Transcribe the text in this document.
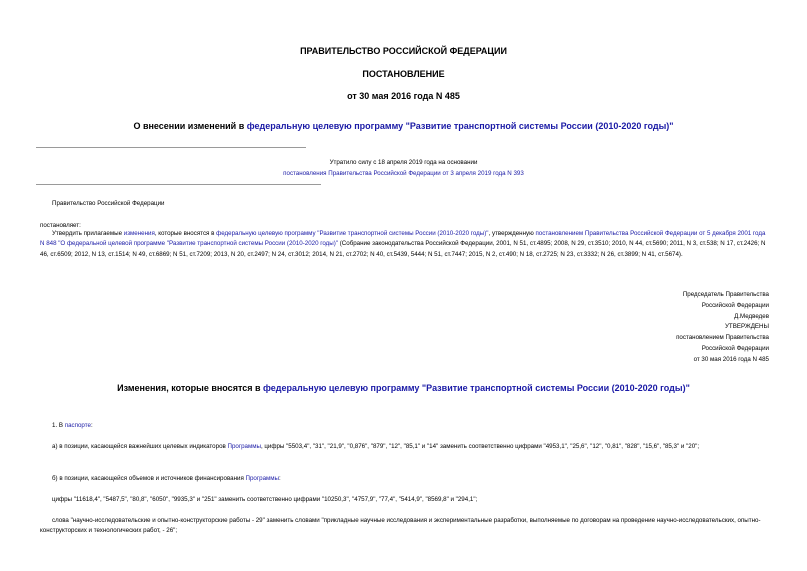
ПРАВИТЕЛЬСТВО РОССИЙСКОЙ ФЕДЕРАЦИИ
ПОСТАНОВЛЕНИЕ
от 30 мая 2016 года N 485
О внесении изменений в федеральную целевую программу "Развитие транспортной системы России (2010-2020 годы)"
Утратило силу с 18 апреля 2019 года на основании
постановления Правительства Российской Федерации от 3 апреля 2019 года N 393
Правительство Российской Федерации
постановляет:
Утвердить прилагаемые изменения, которые вносятся в федеральную целевую программу "Развитие транспортной системы России (2010-2020 годы)", утвержденную постановлением Правительства Российской Федерации от 5 декабря 2001 года N 848 "О федеральной целевой программе "Развитие транспортной системы России (2010-2020 годы)" (Собрание законодательства Российской Федерации, 2001, N 51, ст.4895; 2008, N 29, ст.3510; 2010, N 44, ст.5690; 2011, N 3, ст.538; N 17, ст.2426; N 46, ст.6509; 2012, N 13, ст.1514; N 49, ст.6869; N 51, ст.7209; 2013, N 20, ст.2497; N 24, ст.3012; 2014, N 21, ст.2702; N 40, ст.5439, 5444; N 51, ст.7447; 2015, N 2, ст.490; N 18, ст.2725; N 23, ст.3332; N 26, ст.3899; N 41, ст.5674).
Председатель Правительства
Российской Федерации
Д.Медведев
УТВЕРЖДЕНЫ
постановлением Правительства
Российской Федерации
от 30 мая 2016 года N 485
Изменения, которые вносятся в федеральную целевую программу "Развитие транспортной системы России (2010-2020 годы)"
1. В паспорте:
а) в позиции, касающейся важнейших целевых индикаторов Программы, цифры "5503,4", "31", "21,9", "0,876", "879", "12", "85,1" и "14" заменить соответственно цифрами "4953,1", "25,6", "12", "0,81", "828", "15,6", "85,3" и "20";
б) в позиции, касающейся объемов и источников финансирования Программы:
цифры "11618,4", "5487,5", "80,8", "6050", "9935,3" и "251" заменить соответственно цифрами "10250,3", "4757,9", "77,4", "5414,9", "8569,8" и "294,1";
слова "научно-исследовательские и опытно-конструкторские работы - 29" заменить словами "прикладные научные исследования и экспериментальные разработки, выполняемые по договорам на проведение научно-исследовательских, опытно-конструкторских и технологических работ, - 26";
